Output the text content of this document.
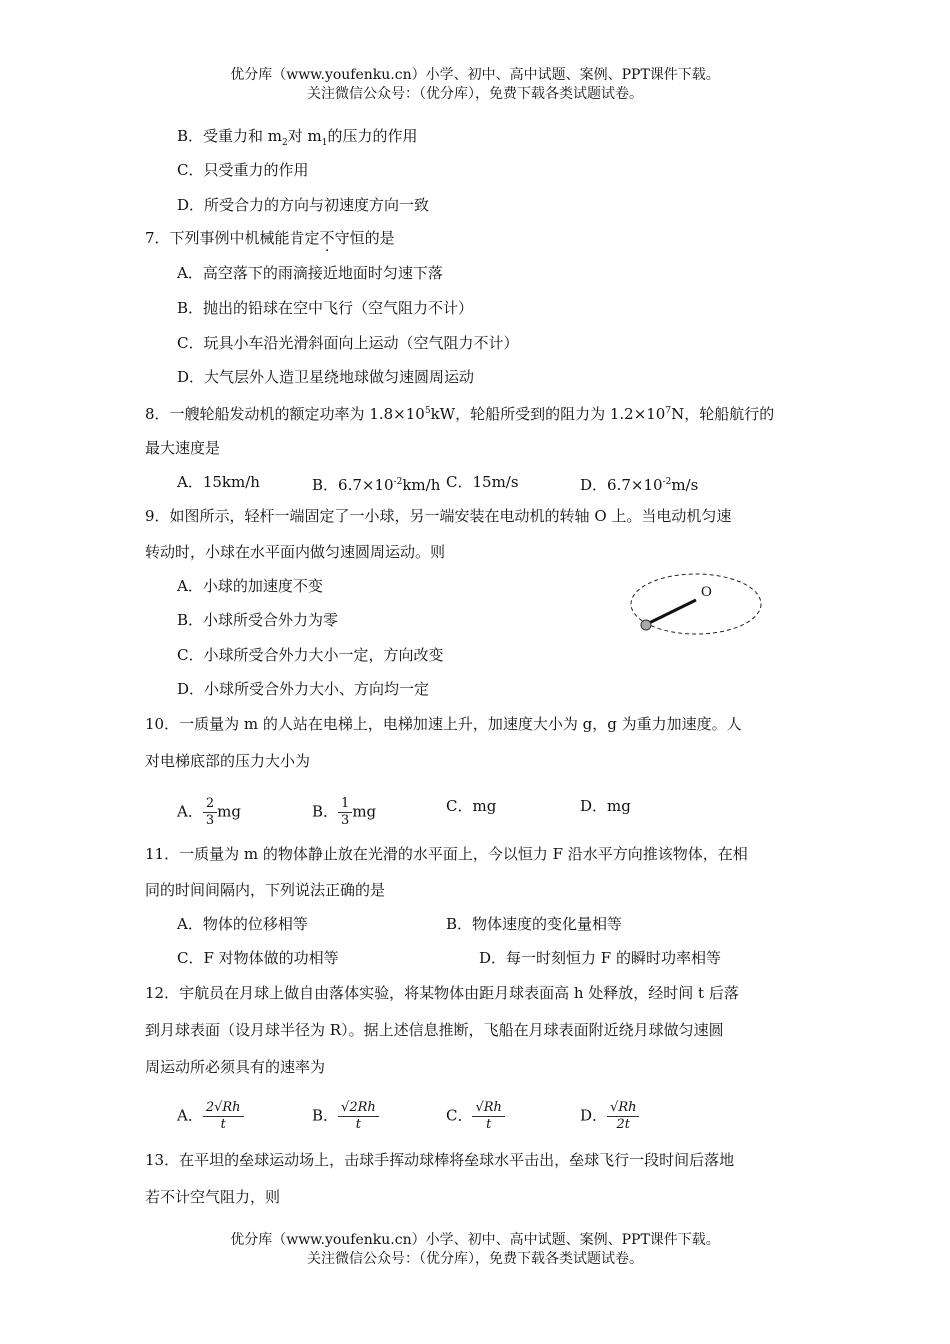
优分库（www.youfenku.cn）小学、初中、高中试题、案例、PPT课件下载。
关注微信公众号：（优分库），免费下载各类试题试卷。
B．受重力和 $m_2$对 $m_1$的压力的作用
C．只受重力的作用
D．所受合力的方向与初速度方向一致
7．下列事例中机械能肯定不守恒的是
A．高空落下的雨滴接近地面时匀速下落
B．抛出的铅球在空中飞行（空气阻力不计）
C．玩具小车沿光滑斜面向上运动（空气阻力不计）
D．大气层外人造卫星绕地球做匀速圆周运动
8．一艘轮船发动机的额定功率为 $1.8\times 10^5kW$，轮船所受到的阻力为 $1.2\times 10^7N$，轮船航行的
最大速度是
A．15km/h	B．$6.7\times 10^{-2}km/h$ C．15m/s	D．$6.7\times 10^{-2}m/s$
9．如图所示，轻杆一端固定了一小球，另一端安装在电动机的转轴 O 上。当电动机匀速
转动时，小球在水平面内做匀速圆周运动。则
A．小球的加速度不变
B．小球所受合外力为零
C．小球所受合外力大小一定，方向改变
D．小球所受合外力大小、方向均一定
O
10．一质量为 m 的人站在电梯上，电梯加速上升，加速度大小为 g，g 为重力加速度。人
对电梯底部的压力大小为
A． $\frac{2}{3}$ mg	B． $\frac{1}{3}$ mg	C．mg	D．mg
11．一质量为 m 的物体静止放在光滑的水平面上，今以恒力 F 沿水平方向推该物体，在相
同的时间间隔内，下列说法正确的是
A．物体的位移相等	B．物体速度的变化量相等
C．F 对物体做的功相等	D．每一时刻恒力 F 的瞬时功率相等
12．宇航员在月球上做自由落体实验，将某物体由距月球表面高 h 处释放，经时间 t 后落
到月球表面（设月球半径为 R）。据上述信息推断，飞船在月球表面附近绕月球做匀速圆
周运动所必须具有的速率为
A． $\frac{2√Rh}{t}$	B． $\frac{√2Rh}{t}$	C． $\frac{√Rh}{t}$	D． $\frac{√Rh}{2t}$
13．在平坦的垒球运动场上，击球手挥动球棒将垒球水平击出，垒球飞行一段时间后落地
若不计空气阻力，则
优分库（www.youfenku.cn）小学、初中、高中试题、案例、PPT课件下载。
关注微信公众号：（优分库），免费下载各类试题试卷。
